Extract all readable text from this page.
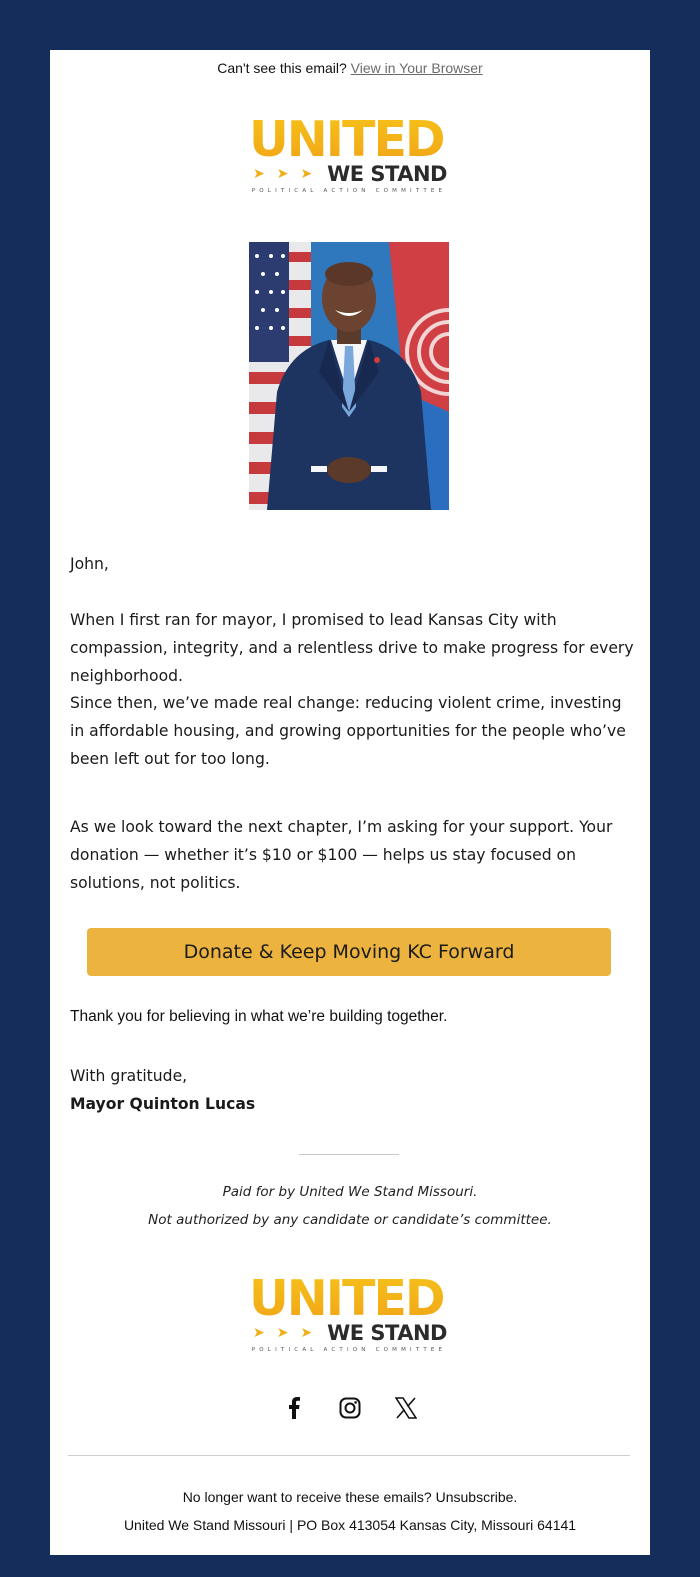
Can't see this email? View in Your Browser
UNITED
➤➤➤ WE STAND
POLITICAL ACTION COMMITTEE
John,
When I first ran for mayor, I promised to lead Kansas City with compassion, integrity, and a relentless drive to make progress for every neighborhood.
Since then, we’ve made real change: reducing violent crime, investing in affordable housing, and growing opportunities for the people who’ve been left out for too long.
As we look toward the next chapter, I’m asking for your support. Your donation — whether it’s $10 or $100 — helps us stay focused on solutions, not politics.
Donate & Keep Moving KC Forward
Thank you for believing in what we’re building together.
With gratitude,
Mayor Quinton Lucas
Paid for by United We Stand Missouri.
Not authorized by any candidate or candidate’s committee.
UNITED
➤➤➤ WE STAND
POLITICAL ACTION COMMITTEE
No longer want to receive these emails? Unsubscribe.
United We Stand Missouri | PO Box 413054 Kansas City, Missouri 64141
